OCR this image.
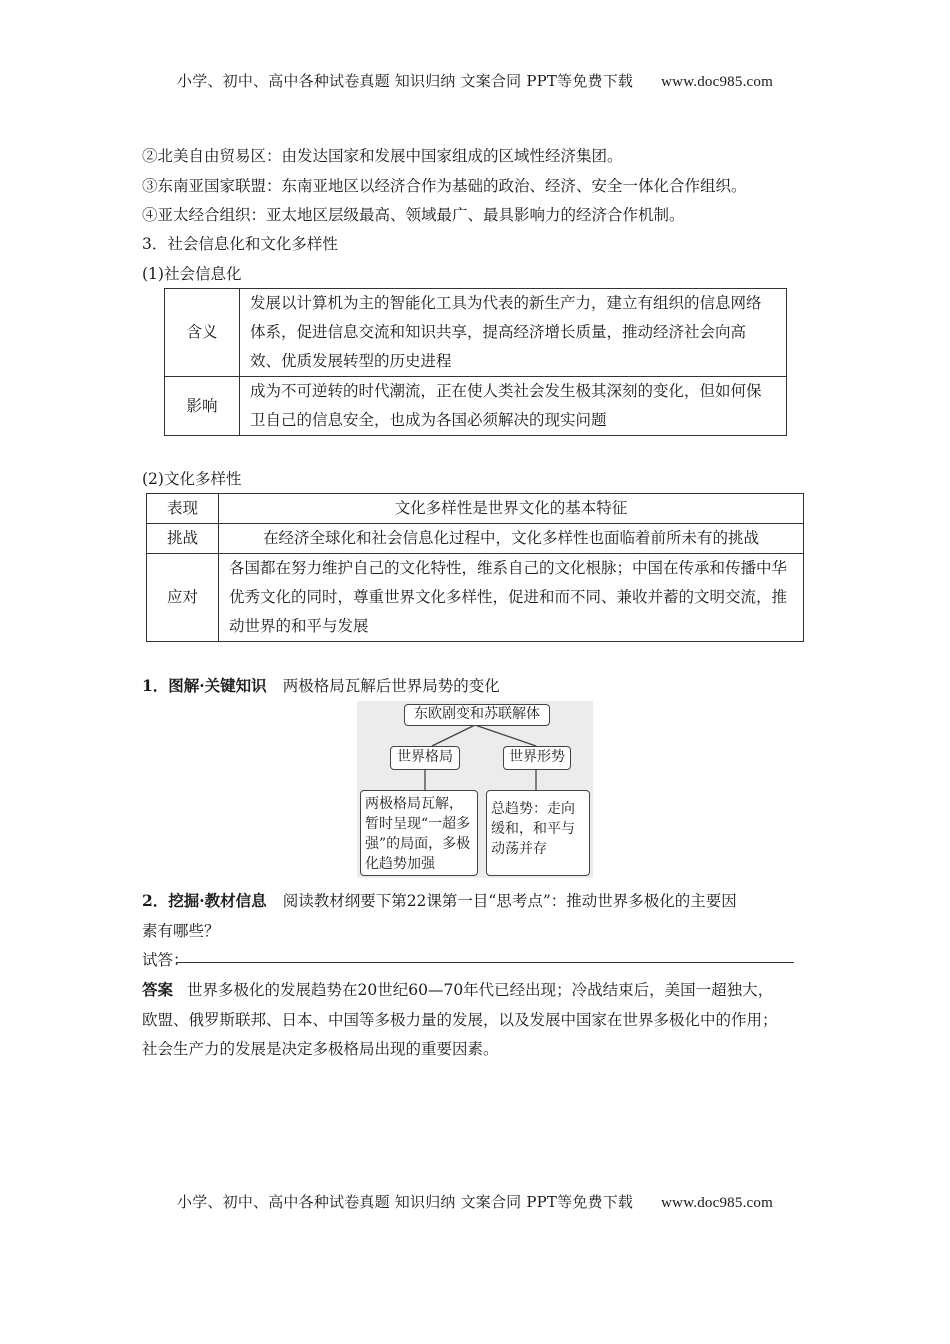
小学、初中、高中各种试卷真题 知识归纳 文案合同 PPT等免费下载 www.doc985.com
②北美自由贸易区：由发达国家和发展中国家组成的区域性经济集团。
③东南亚国家联盟：东南亚地区以经济合作为基础的政治、经济、安全一体化合作组织。
④亚太经合组织：亚太地区层级最高、领域最广、最具影响力的经济合作机制。
3．社会信息化和文化多样性
(1)社会信息化
含义	发展以计算机为主的智能化工具为代表的新生产力，建立有组织的信息网络体系，促进信息交流和知识共享，提高经济增长质量，推动经济社会向高效、优质发展转型的历史进程
影响	成为不可逆转的时代潮流，正在使人类社会发生极其深刻的变化，但如何保卫自己的信息安全，也成为各国必须解决的现实问题
(2)文化多样性
表现	文化多样性是世界文化的基本特征
挑战	在经济全球化和社会信息化过程中，文化多样性也面临着前所未有的挑战
应对	各国都在努力维护自己的文化特性，维系自己的文化根脉；中国在传承和传播中华优秀文化的同时，尊重世界文化多样性，促进和而不同、兼收并蓄的文明交流，推动世界的和平与发展
1．图解·关键知识 两极格局瓦解后世界局势的变化
东欧剧变和苏联解体
世界格局	世界形势
两极格局瓦解，暂时呈现“一超多强”的局面，多极化趋势加强
总趋势：走向缓和，和平与动荡并存
2．挖掘·教材信息 阅读教材纲要下第22课第一目“思考点”：推动世界多极化的主要因
素有哪些？
试答：
答案 世界多极化的发展趋势在20世纪60—70年代已经出现；冷战结束后，美国一超独大，
欧盟、俄罗斯联邦、日本、中国等多极力量的发展，以及发展中国家在世界多极化中的作用；
社会生产力的发展是决定多极格局出现的重要因素。
小学、初中、高中各种试卷真题 知识归纳 文案合同 PPT等免费下载 www.doc985.com
